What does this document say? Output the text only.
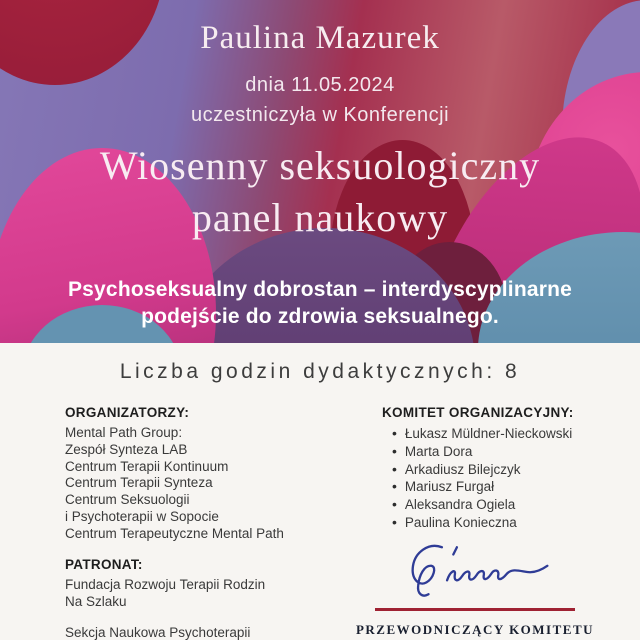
Paulina Mazurek
dnia 11.05.2024
uczestniczyła w Konferencji
Wiosenny seksuologiczny
panel naukowy
Psychoseksualny dobrostan – interdyscyplinarne
podejście do zdrowia seksualnego.
Liczba godzin dydaktycznych: 8

ORGANIZATORZY:

Mental Path Group:

Zespół Synteza LAB

Centrum Terapii Kontinuum

Centrum Terapii Synteza

Centrum Seksuologii

i Psychoterapii w Sopocie

Centrum Terapeutyczne Mental Path

KOMITET ORGANIZACYJNY:

• Łukasz Müldner-Nieckowski
• Marta Dora
• Arkadiusz Bilejczyk
• Mariusz Furgał
• Aleksandra Ogiela
• Paulina Konieczna

PATRONAT:

Fundacja Rozwoju Terapii Rodzin

Na Szlaku

Sekcja Naukowa Psychoterapii	PRZEWODNICZĄCY KOMITETU
